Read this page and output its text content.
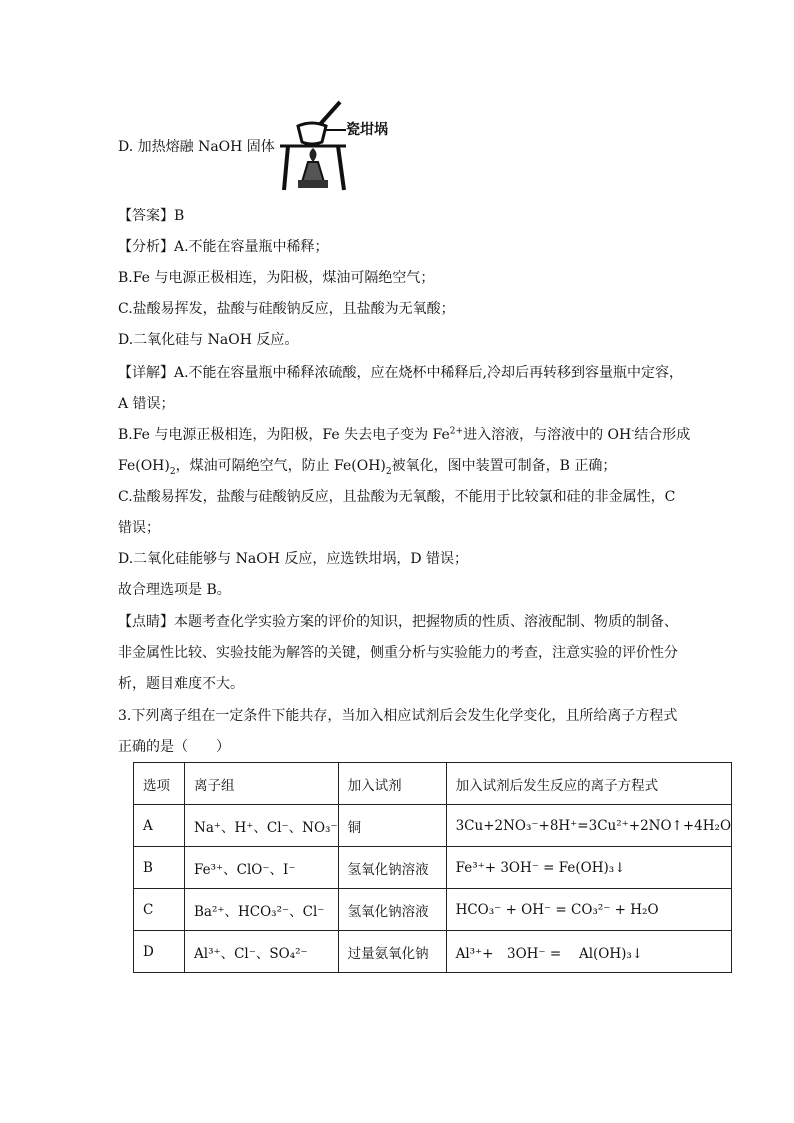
D. 加热熔融 NaOH 固体
瓷坩埚
【答案】B
【分析】A.不能在容量瓶中稀释；
B.Fe 与电源正极相连，为阳极，煤油可隔绝空气；
C.盐酸易挥发，盐酸与硅酸钠反应，且盐酸为无氧酸；
D.二氧化硅与 NaOH 反应。
【详解】A.不能在容量瓶中稀释浓硫酸，应在烧杯中稀释后,冷却后再转移到容量瓶中定容，
A 错误；
B.Fe 与电源正极相连，为阳极，Fe 失去电子变为 $Fe^{2+}$进入溶液，与溶液中的 OH-结合形成
$Fe(OH)_2$，煤油可隔绝空气，防止 $Fe(OH)_2$被氧化，图中装置可制备，B 正确；
C.盐酸易挥发，盐酸与硅酸钠反应，且盐酸为无氧酸，不能用于比较氯和硅的非金属性，C
错误；
D.二氧化硅能够与 NaOH 反应，应选铁坩埚，D 错误；
故合理选项是 B。
【点睛】本题考查化学实验方案的评价的知识，把握物质的性质、溶液配制、物质的制备、
非金属性比较、实验技能为解答的关键，侧重分析与实验能力的考查，注意实验的评价性分
析，题目难度不大。
3.下列离子组在一定条件下能共存，当加入相应试剂后会发生化学变化，且所给离子方程式
正确的是（　　）
选项	离子组	加入试剂	加入试剂后发生反应的离子方程式
A	Na⁺、H⁺、Cl⁻、NO₃⁻	铜	3Cu+2NO₃⁻+8H⁺=3Cu²⁺+2NO↑+4H₂O
B	Fe³⁺、ClO⁻、I⁻	氢氧化钠溶液	Fe³⁺+ 3OH⁻ = Fe(OH)₃↓
C	Ba²⁺、HCO₃²⁻、Cl⁻	氢氧化钠溶液	HCO₃⁻ + OH⁻ = CO₃²⁻ + H₂O
D	Al³⁺、Cl⁻、SO₄²⁻	过量氨氧化钠	Al³⁺+　3OH⁻ =　 Al(OH)₃↓
